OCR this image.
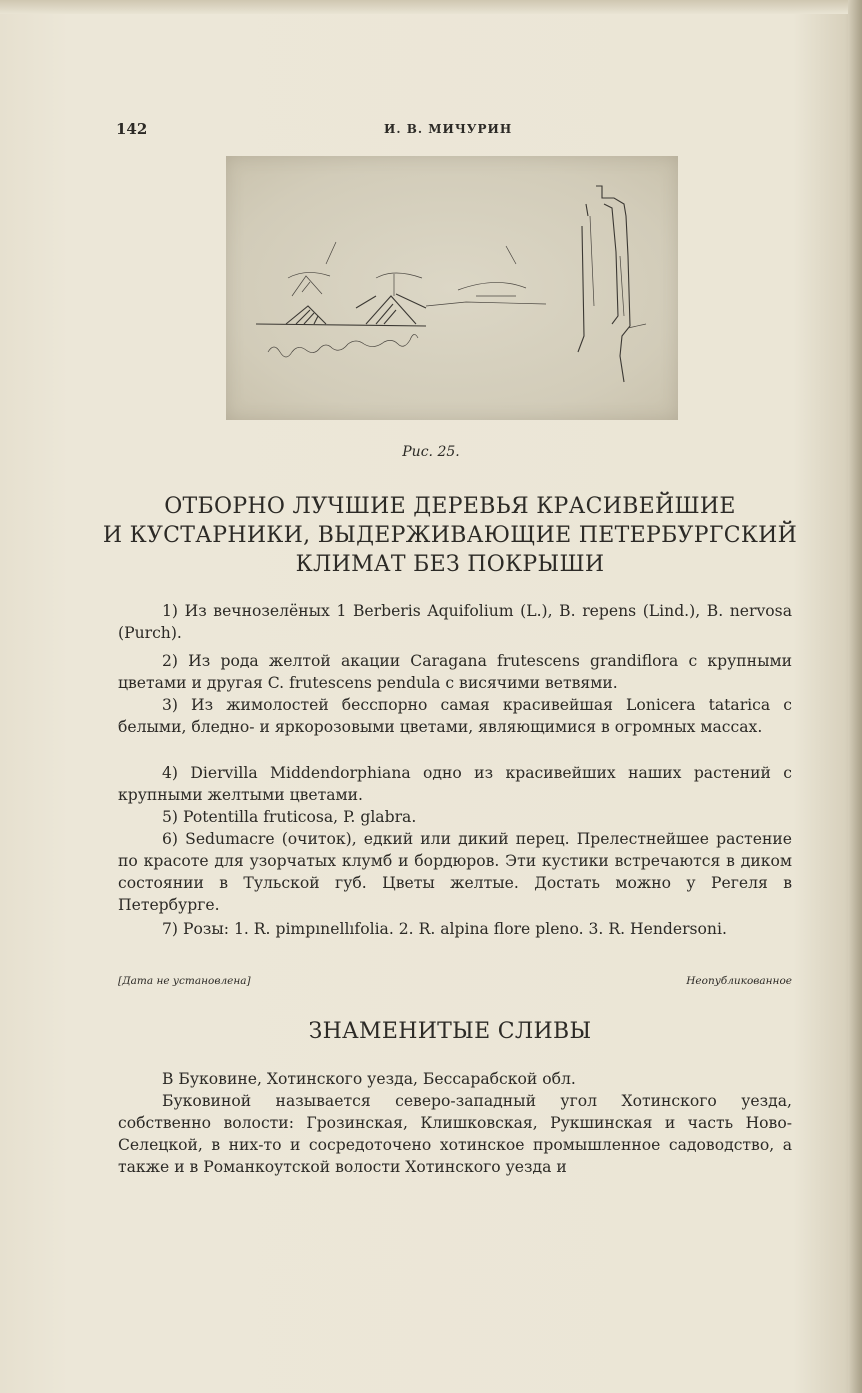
142	И. В. МИЧУРИН
Рис. 25.
ОТБОРНО ЛУЧШИЕ ДЕРЕВЬЯ КРАСИВЕЙШИЕ
И КУСТАРНИКИ, ВЫДЕРЖИВАЮЩИЕ ПЕТЕРБУРГСКИЙ
КЛИМАТ БЕЗ ПОКРЫШИ

1) Из вечнозелёных 1 Berberis Aquifolium (L.), B. repens (Lind.), B. nervosa (Purch).

2) Из рода желтой акации Caragana frutescens grandiflora с крупными цветами и другая C. frutescens pendula с висячими ветвями.

3) Из жимолостей бесспорно самая красивейшая Lonicera tatarica с белыми, бледно- и яркорозовыми цветами, являющимися в огромных массах.

4) Diervilla Middendorphiana одно из красивейших наших растений с крупными желтыми цветами.

5) Potentilla fruticosa, P. glabra.

6) Sedumacre (очиток), едкий или дикий перец. Прелестнейшее растение по красоте для узорчатых клумб и бордюров. Эти кустики встречаются в диком состоянии в Тульской губ. Цветы желтые. Достать можно у Регеля в Петербурге.

7) Розы: 1. R. pimpınellıfolia. 2. R. alpina flore pleno. 3. R. Hendersoni.

[Дата не установлена]	Неопубликованное
ЗНАМЕНИТЫЕ СЛИВЫ

В Буковине, Хотинского уезда, Бессарабской обл.

Буковиной называется северо-западный угол Хотинского уезда, собственно волости: Грозинская, Клишковская, Рукшинская и часть Ново-Селецкой, в них-то и сосредоточено хотинское промышленное садоводство, а также и в Романкоутской волости Хотинского уезда и
